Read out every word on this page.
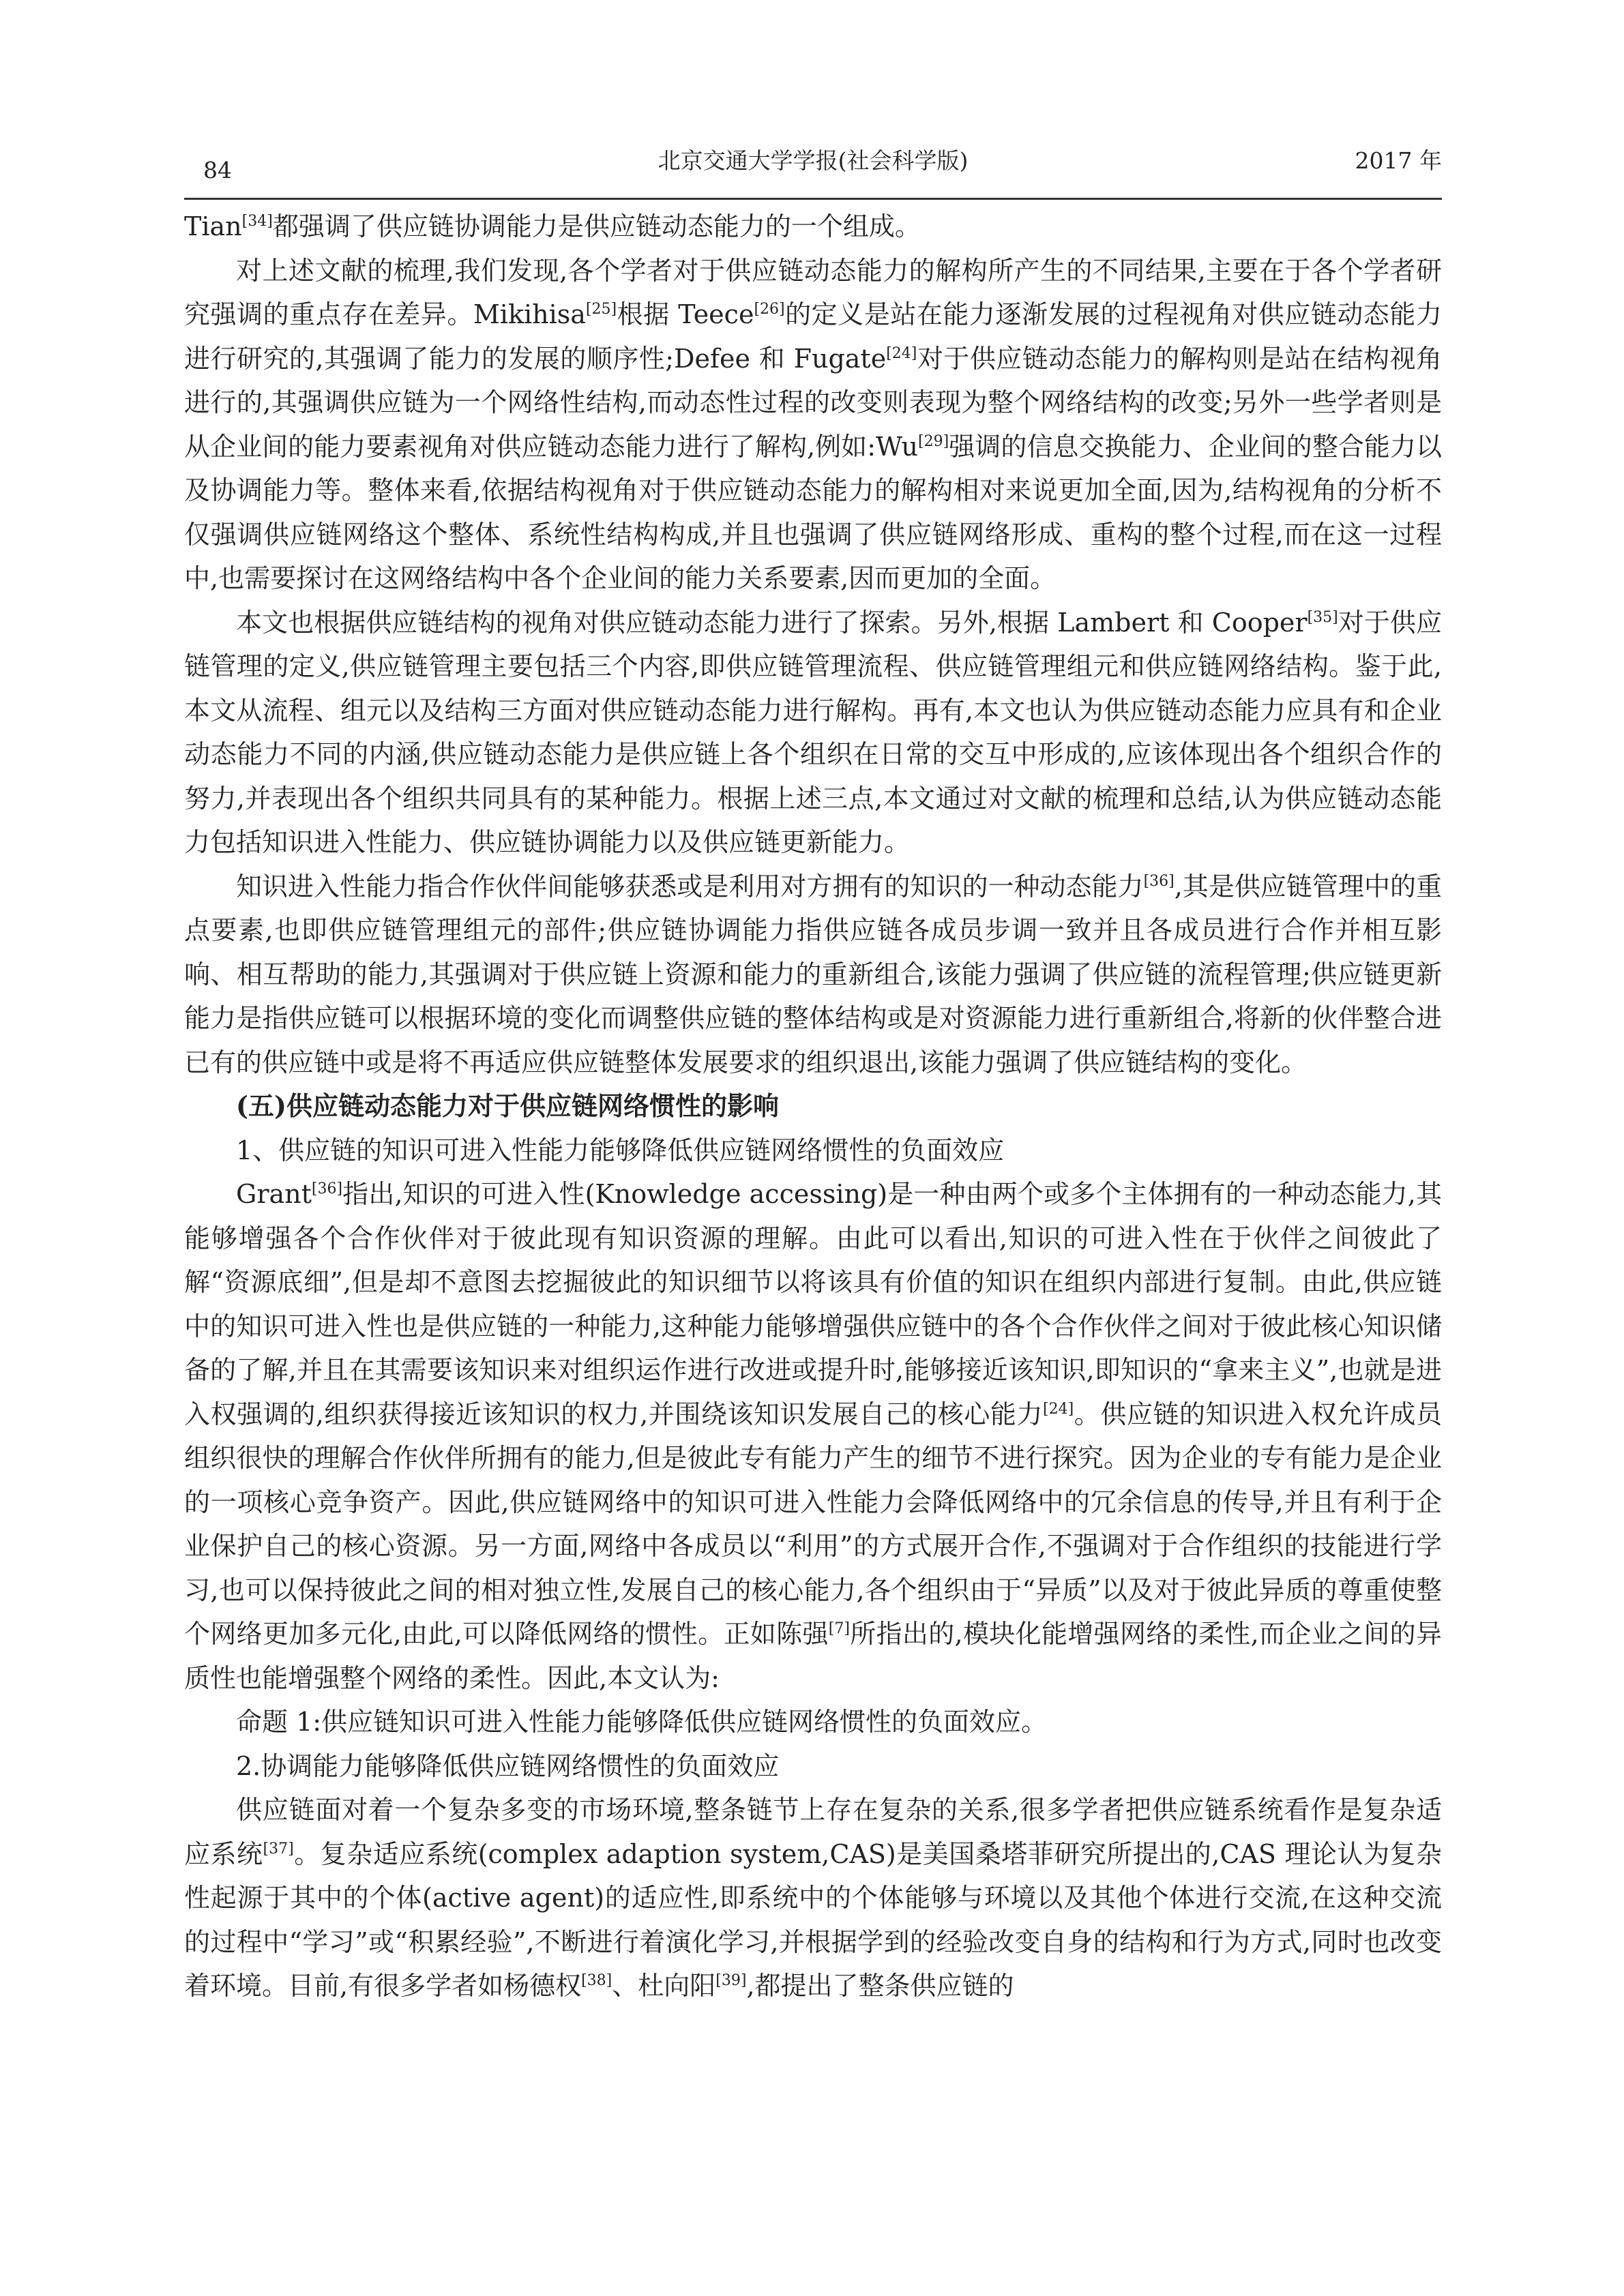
84	北京交通大学学报(社会科学版)	2017 年

Tian[34]都强调了供应链协调能力是供应链动态能力的一个组成。

对上述文献的梳理,我们发现,各个学者对于供应链动态能力的解构所产生的不同结果,主要在于各个学者研究强调的重点存在差异。Mikihisa[25]根据 Teece[26]的定义是站在能力逐渐发展的过程视角对供应链动态能力进行研究的,其强调了能力的发展的顺序性;Defee 和 Fugate[24]对于供应链动态能力的解构则是站在结构视角进行的,其强调供应链为一个网络性结构,而动态性过程的改变则表现为整个网络结构的改变;另外一些学者则是从企业间的能力要素视角对供应链动态能力进行了解构,例如:Wu[29]强调的信息交换能力、企业间的整合能力以及协调能力等。整体来看,依据结构视角对于供应链动态能力的解构相对来说更加全面,因为,结构视角的分析不仅强调供应链网络这个整体、系统性结构构成,并且也强调了供应链网络形成、重构的整个过程,而在这一过程中,也需要探讨在这网络结构中各个企业间的能力关系要素,因而更加的全面。

本文也根据供应链结构的视角对供应链动态能力进行了探索。另外,根据 Lambert 和 Cooper[35]对于供应链管理的定义,供应链管理主要包括三个内容,即供应链管理流程、供应链管理组元和供应链网络结构。鉴于此,本文从流程、组元以及结构三方面对供应链动态能力进行解构。再有,本文也认为供应链动态能力应具有和企业动态能力不同的内涵,供应链动态能力是供应链上各个组织在日常的交互中形成的,应该体现出各个组织合作的努力,并表现出各个组织共同具有的某种能力。根据上述三点,本文通过对文献的梳理和总结,认为供应链动态能力包括知识进入性能力、供应链协调能力以及供应链更新能力。

知识进入性能力指合作伙伴间能够获悉或是利用对方拥有的知识的一种动态能力[36],其是供应链管理中的重点要素,也即供应链管理组元的部件;供应链协调能力指供应链各成员步调一致并且各成员进行合作并相互影响、相互帮助的能力,其强调对于供应链上资源和能力的重新组合,该能力强调了供应链的流程管理;供应链更新能力是指供应链可以根据环境的变化而调整供应链的整体结构或是对资源能力进行重新组合,将新的伙伴整合进已有的供应链中或是将不再适应供应链整体发展要求的组织退出,该能力强调了供应链结构的变化。

(五)供应链动态能力对于供应链网络惯性的影响

1、供应链的知识可进入性能力能够降低供应链网络惯性的负面效应

Grant[36]指出,知识的可进入性(Knowledge accessing)是一种由两个或多个主体拥有的一种动态能力,其能够增强各个合作伙伴对于彼此现有知识资源的理解。由此可以看出,知识的可进入性在于伙伴之间彼此了解“资源底细”,但是却不意图去挖掘彼此的知识细节以将该具有价值的知识在组织内部进行复制。由此,供应链中的知识可进入性也是供应链的一种能力,这种能力能够增强供应链中的各个合作伙伴之间对于彼此核心知识储备的了解,并且在其需要该知识来对组织运作进行改进或提升时,能够接近该知识,即知识的“拿来主义”,也就是进入权强调的,组织获得接近该知识的权力,并围绕该知识发展自己的核心能力[24]。供应链的知识进入权允许成员组织很快的理解合作伙伴所拥有的能力,但是彼此专有能力产生的细节不进行探究。因为企业的专有能力是企业的一项核心竞争资产。因此,供应链网络中的知识可进入性能力会降低网络中的冗余信息的传导,并且有利于企业保护自己的核心资源。另一方面,网络中各成员以“利用”的方式展开合作,不强调对于合作组织的技能进行学习,也可以保持彼此之间的相对独立性,发展自己的核心能力,各个组织由于“异质”以及对于彼此异质的尊重使整个网络更加多元化,由此,可以降低网络的惯性。正如陈强[7]所指出的,模块化能增强网络的柔性,而企业之间的异质性也能增强整个网络的柔性。因此,本文认为:

命题 1:供应链知识可进入性能力能够降低供应链网络惯性的负面效应。

2.协调能力能够降低供应链网络惯性的负面效应

供应链面对着一个复杂多变的市场环境,整条链节上存在复杂的关系,很多学者把供应链系统看作是复杂适应系统[37]。复杂适应系统(complex adaption system,CAS)是美国桑塔菲研究所提出的,CAS 理论认为复杂性起源于其中的个体(active agent)的适应性,即系统中的个体能够与环境以及其他个体进行交流,在这种交流的过程中“学习”或“积累经验”,不断进行着演化学习,并根据学到的经验改变自身的结构和行为方式,同时也改变着环境。目前,有很多学者如杨德权[38]、杜向阳[39],都提出了整条供应链的
